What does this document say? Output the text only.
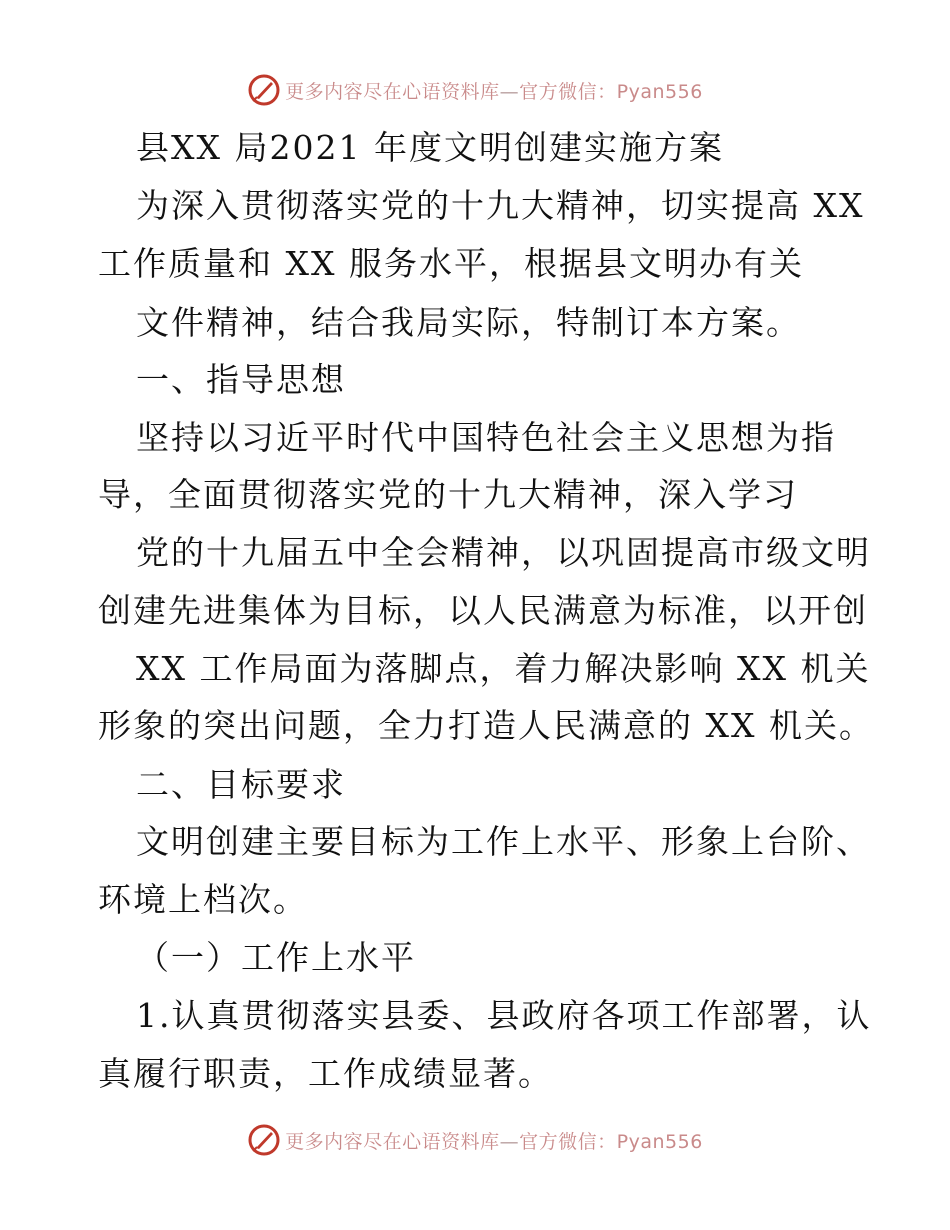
更多内容尽在心语资料库—官方微信：Pyan556
县XX 局2021 年度文明创建实施方案
为深入贯彻落实党的十九大精神，切实提高 XX
工作质量和 XX 服务水平，根据县文明办有关
文件精神，结合我局实际，特制订本方案。
一、指导思想
坚持以习近平时代中国特色社会主义思想为指
导，全面贯彻落实党的十九大精神，深入学习
党的十九届五中全会精神，以巩固提高市级文明
创建先进集体为目标，以人民满意为标准，以开创
XX 工作局面为落脚点，着力解决影响 XX 机关
形象的突出问题，全力打造人民满意的 XX 机关。
二、目标要求
文明创建主要目标为工作上水平、形象上台阶、
环境上档次。
（一）工作上水平
1.认真贯彻落实县委、县政府各项工作部署，认
真履行职责，工作成绩显著。
更多内容尽在心语资料库—官方微信：Pyan556
